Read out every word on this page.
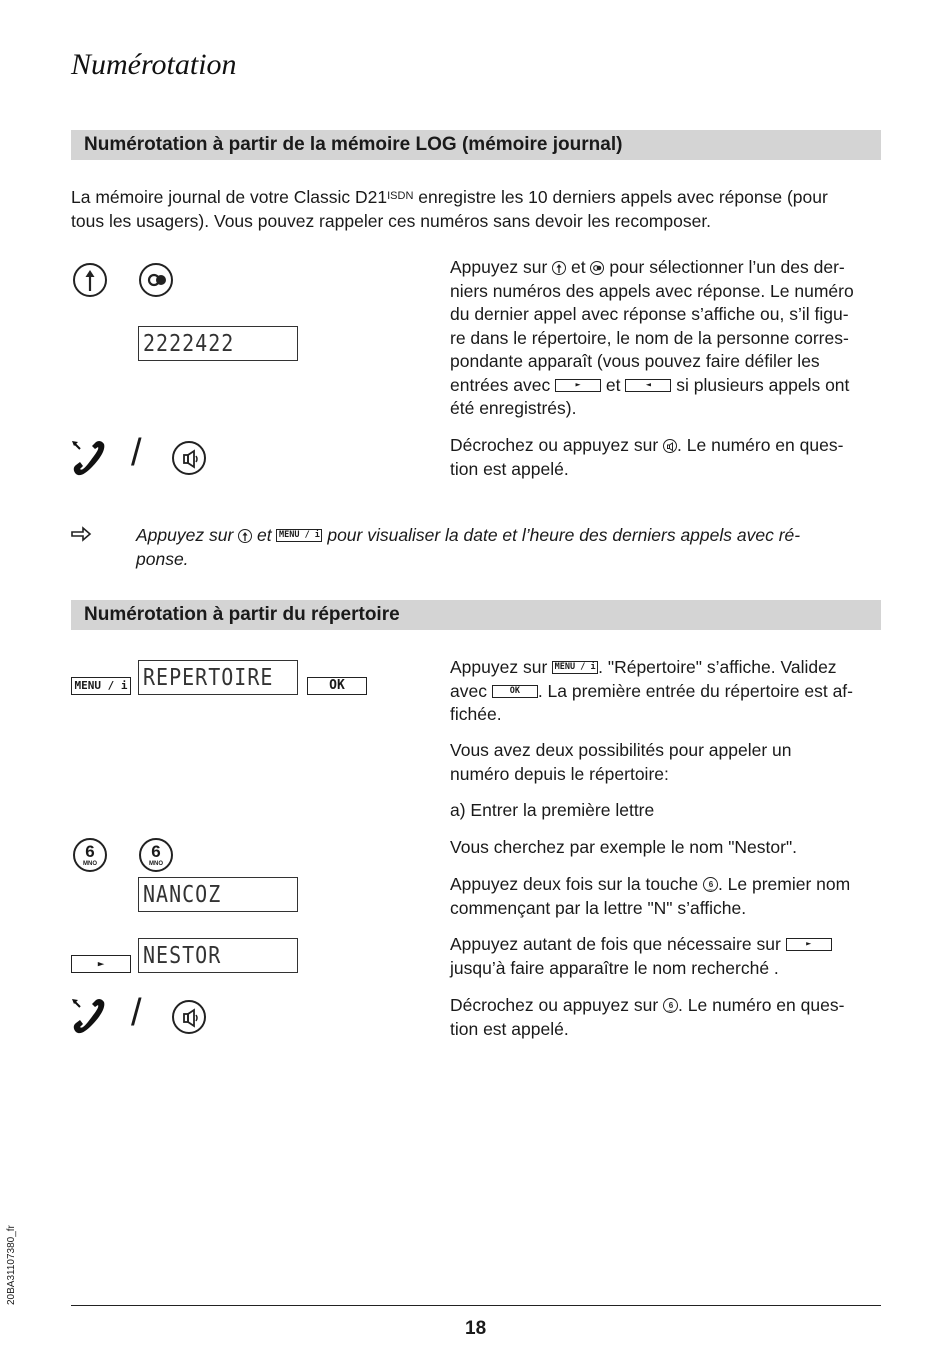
Numérotation
Numérotation à partir de la mémoire LOG (mémoire journal)
La mémoire journal de votre Classic $D21^{ISDN}$ enregistre les 10 derniers appels avec réponse (pour
tous les usagers). Vous pouvez rappeler ces numéros sans devoir les recomposer.
2222422
/
Appuyez sur
et
pour sélectionner l’un des der-
niers numéros des appels avec réponse. Le numéro
du dernier appel avec réponse s’affiche ou, s’il figu-
re dans le répertoire, le nom de la personne corres-
pondante apparaît (vous pouvez faire défiler les
entrées avec	►	et	◄	si plusieurs appels ont
été enregistrés).
Décrochez ou appuyez sur
. Le numéro en ques-
tion est appelé.
Appuyez sur
et MENU / i pour visualiser la date et l’heure des derniers appels avec ré-
ponse.
Numérotation à partir du répertoire
MENU / i REPERTOIRE	OK
6
MNO
6
MNO
NANCOZ
►	NESTOR
/
Appuyez sur MENU / i . "Répertoire" s’affiche. Validez
avec	OK	. La première entrée du répertoire est af-
fichée.
Vous avez deux possibilités pour appeler un
numéro depuis le répertoire:
a) Entrer la première lettre
Vous cherchez par exemple le nom "Nestor".
Appuyez deux fois sur la touche 6
MNO . Le premier nom
commençant par la lettre "N" s’affiche.
Appuyez autant de fois que nécessaire sur	►

jusqu’à faire apparaître le nom recherché .
Décrochez ou appuyez sur 6
MNO . Le numéro en ques-
tion est appelé.
20BA31107380_fr
18
